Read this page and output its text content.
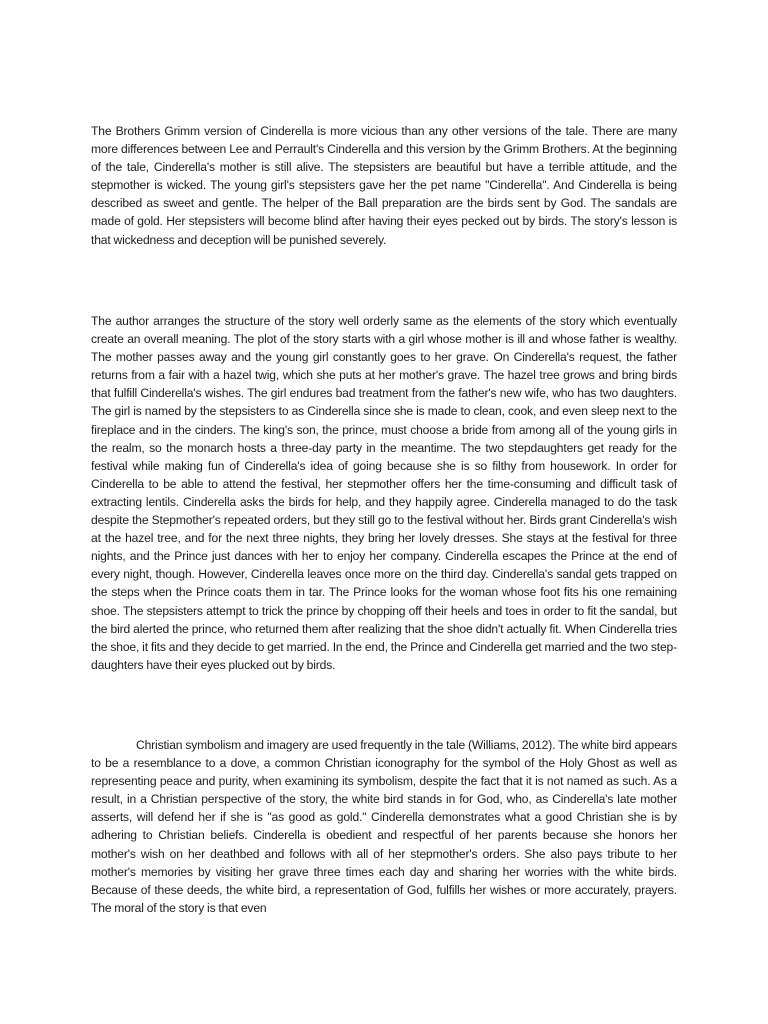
The Brothers Grimm version of Cinderella is more vicious than any other versions of the tale. There are many more differences between Lee and Perrault's Cinderella and this version by the Grimm Brothers. At the beginning of the tale, Cinderella's mother is still alive. The stepsisters are beautiful but have a terrible attitude, and the stepmother is wicked. The young girl's stepsisters gave her the pet name "Cinderella". And Cinderella is being described as sweet and gentle. The helper of the Ball preparation are the birds sent by God. The sandals are made of gold. Her stepsisters will become blind after having their eyes pecked out by birds. The story's lesson is that wickedness and deception will be punished severely.

The author arranges the structure of the story well orderly same as the elements of the story which eventually create an overall meaning. The plot of the story starts with a girl whose mother is ill and whose father is wealthy. The mother passes away and the young girl constantly goes to her grave. On Cinderella's request, the father returns from a fair with a hazel twig, which she puts at her mother's grave. The hazel tree grows and bring birds that fulfill Cinderella's wishes. The girl endures bad treatment from the father's new wife, who has two daughters. The girl is named by the stepsisters to as Cinderella since she is made to clean, cook, and even sleep next to the fireplace and in the cinders. The king's son, the prince, must choose a bride from among all of the young girls in the realm, so the monarch hosts a three-day party in the meantime. The two stepdaughters get ready for the festival while making fun of Cinderella's idea of going because she is so filthy from housework. In order for Cinderella to be able to attend the festival, her stepmother offers her the time-consuming and difficult task of extracting lentils. Cinderella asks the birds for help, and they happily agree. Cinderella managed to do the task despite the Stepmother's repeated orders, but they still go to the festival without her. Birds grant Cinderella's wish at the hazel tree, and for the next three nights, they bring her lovely dresses. She stays at the festival for three nights, and the Prince just dances with her to enjoy her company. Cinderella escapes the Prince at the end of every night, though. However, Cinderella leaves once more on the third day. Cinderella's sandal gets trapped on the steps when the Prince coats them in tar. The Prince looks for the woman whose foot fits his one remaining shoe. The stepsisters attempt to trick the prince by chopping off their heels and toes in order to fit the sandal, but the bird alerted the prince, who returned them after realizing that the shoe didn't actually fit. When Cinderella tries the shoe, it fits and they decide to get married. In the end, the Prince and Cinderella get married and the two step-daughters have their eyes plucked out by birds.

Christian symbolism and imagery are used frequently in the tale (Williams, 2012). The white bird appears to be a resemblance to a dove, a common Christian iconography for the symbol of the Holy Ghost as well as representing peace and purity, when examining its symbolism, despite the fact that it is not named as such. As a result, in a Christian perspective of the story, the white bird stands in for God, who, as Cinderella's late mother asserts, will defend her if she is "as good as gold." Cinderella demonstrates what a good Christian she is by adhering to Christian beliefs. Cinderella is obedient and respectful of her parents because she honors her mother's wish on her deathbed and follows with all of her stepmother's orders. She also pays tribute to her mother's memories by visiting her grave three times each day and sharing her worries with the white birds. Because of these deeds, the white bird, a representation of God, fulfills her wishes or more accurately, prayers. The moral of the story is that even
